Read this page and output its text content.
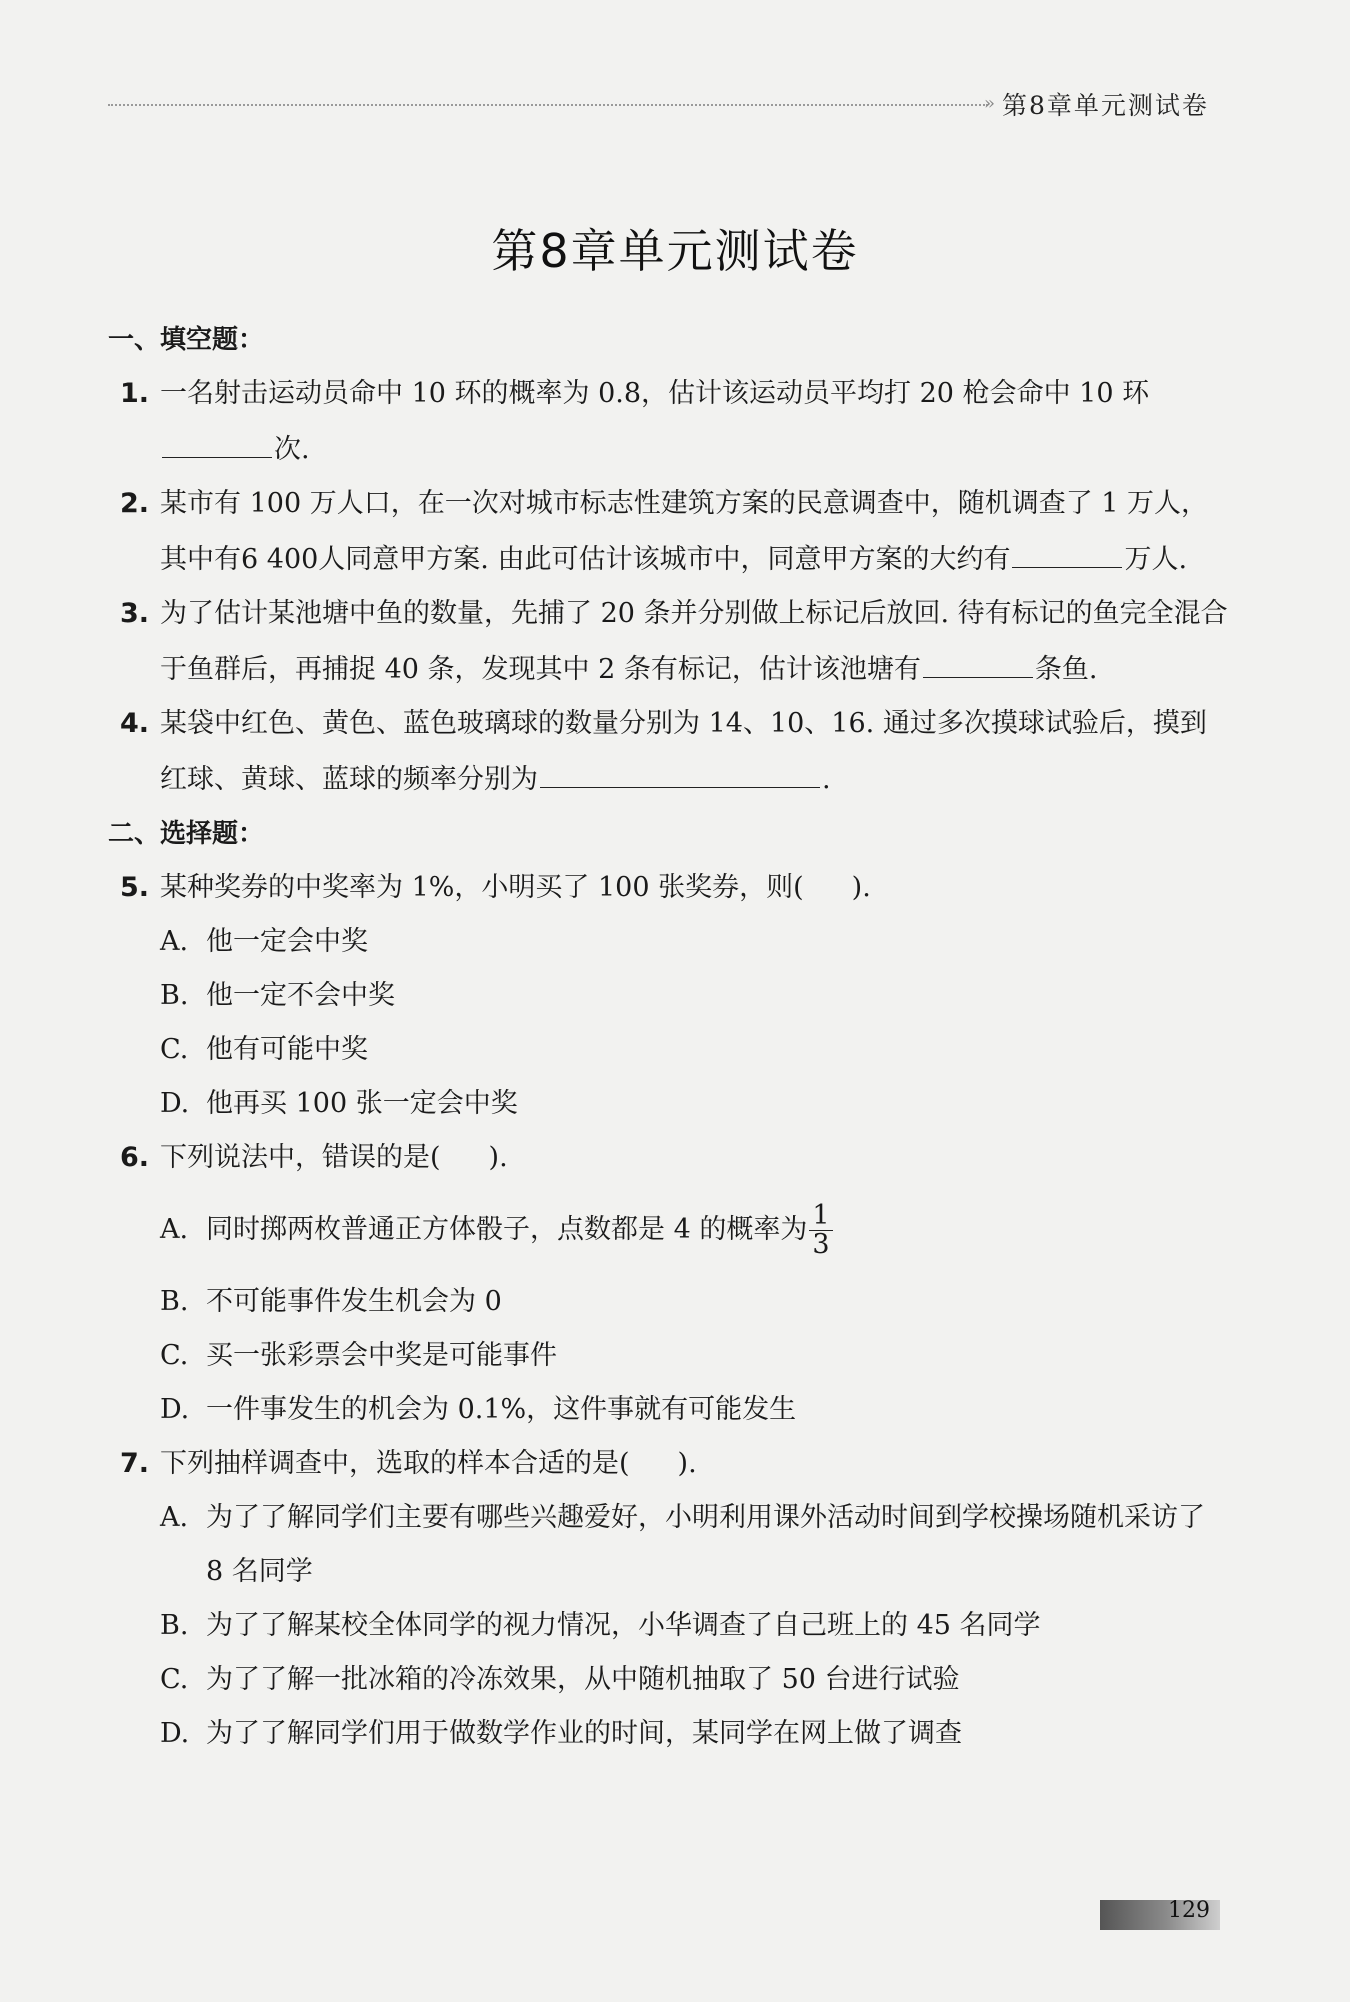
» 第8章单元测试卷
第8章单元测试卷
一、填空题：
1. 一名射击运动员命中 10 环的概率为 0.8，估计该运动员平均打 20 枪会命中 10 环次.
2. 某市有 100 万人口，在一次对城市标志性建筑方案的民意调查中，随机调查了 1 万人，其中有6 400人同意甲方案. 由此可估计该城市中，同意甲方案的大约有	万人.
3. 为了估计某池塘中鱼的数量，先捕了 20 条并分别做上标记后放回. 待有标记的鱼完全混合于鱼群后，再捕捉 40 条，发现其中 2 条有标记，估计该池塘有	条鱼.
4. 某袋中红色、黄色、蓝色玻璃球的数量分别为 14、10、16. 通过多次摸球试验后，摸到红球、黄球、蓝球的频率分别为	.
二、选择题：
5. 某种奖券的中奖率为 1%，小明买了 100 张奖券，则( ).
A. 他一定会中奖
B. 他一定不会中奖
C. 他有可能中奖
D. 他再买 100 张一定会中奖
6. 下列说法中，错误的是( ).
A. 同时掷两枚普通正方体骰子，点数都是 4 的概率为 $\frac{1}{3}$
B. 不可能事件发生机会为 0
C. 买一张彩票会中奖是可能事件
D. 一件事发生的机会为 0.1%，这件事就有可能发生
7. 下列抽样调查中，选取的样本合适的是( ).
A. 为了了解同学们主要有哪些兴趣爱好，小明利用课外活动时间到学校操场随机采访了 8 名同学
B. 为了了解某校全体同学的视力情况，小华调查了自己班上的 45 名同学
C. 为了了解一批冰箱的冷冻效果，从中随机抽取了 50 台进行试验
D. 为了了解同学们用于做数学作业的时间，某同学在网上做了调查
129
